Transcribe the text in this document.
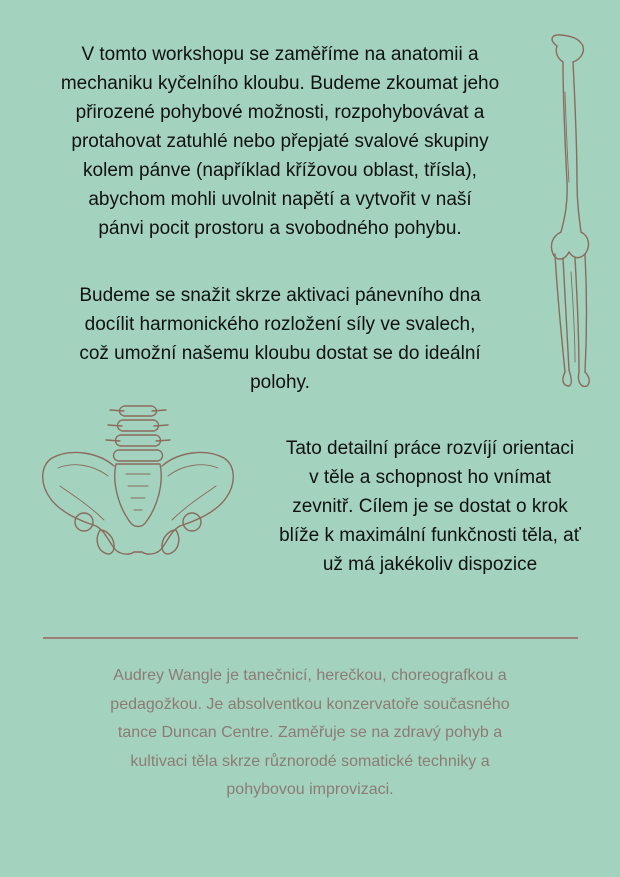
V tomto workshopu se zaměříme na anatomii a
mechaniku kyčelního kloubu. Budeme zkoumat jeho
přirozené pohybové možnosti, rozpohybovávat a
protahovat zatuhlé nebo přepjaté svalové skupiny
kolem pánve (například křížovou oblast, třísla),
abychom mohli uvolnit napětí a vytvořit v naší
pánvi pocit prostoru a svobodného pohybu.
Budeme se snažit skrze aktivaci pánevního dna
docílit harmonického rozložení síly ve svalech,
což umožní našemu kloubu dostat se do ideální
polohy.
Tato detailní práce rozvíjí orientaci
v těle a schopnost ho vnímat
zevnitř. Cílem je se dostat o krok
blíže k maximální funkčnosti těla, ať
už má jakékoliv dispozice
Audrey Wangle je tanečnicí, herečkou, choreografkou a
pedagožkou. Je absolventkou konzervatoře současného
tance Duncan Centre. Zaměřuje se na zdravý pohyb a
kultivaci těla skrze různorodé somatické techniky a
pohybovou improvizaci.
